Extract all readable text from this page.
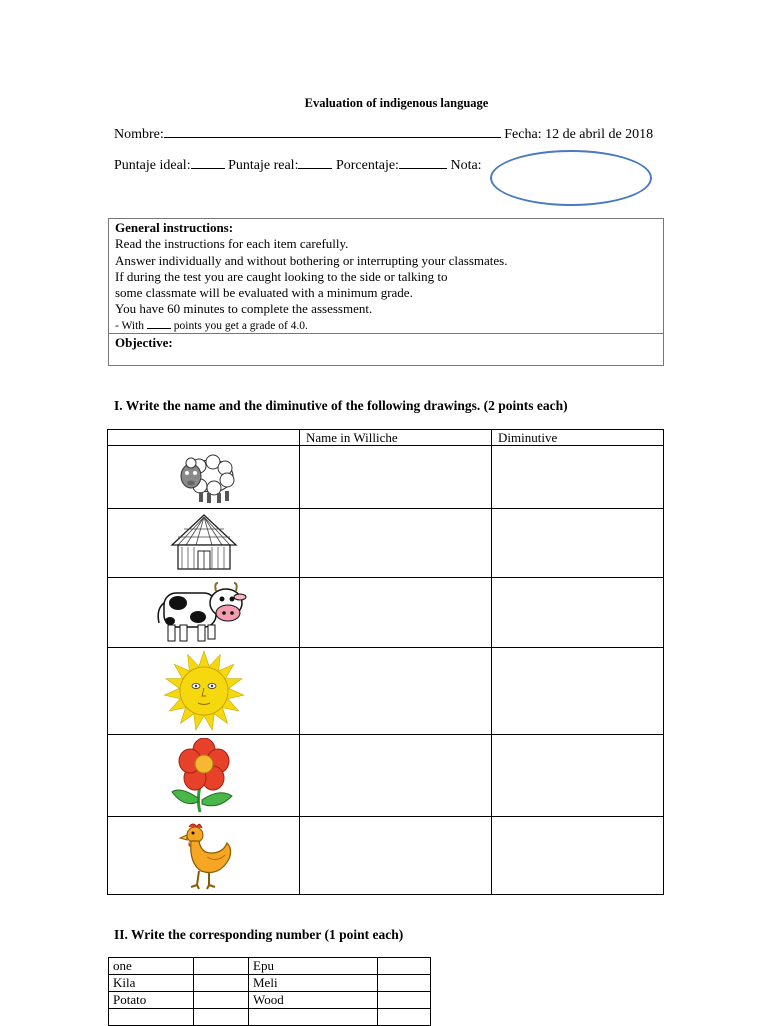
Evaluation of indigenous language
Nombre:	Fecha: 12 de abril de 2018
Puntaje ideal:	Puntaje real:	Porcentaje:	Nota:
General instructions:
Read the instructions for each item carefully.
Answer individually and without bothering or interrupting your classmates.
If during the test you are caught looking to the side or talking to
some classmate will be evaluated with a minimum grade.
You have 60 minutes to complete the assessment.
- With  points you get a grade of 4.0.
Objective:
I. Write the name and the diminutive of the following drawings. (2 points each)
	Name in Williche	Diminutive

II. Write the corresponding number (1 point each)
one		Epu	
Kila		Meli	
Potato		Wood	
